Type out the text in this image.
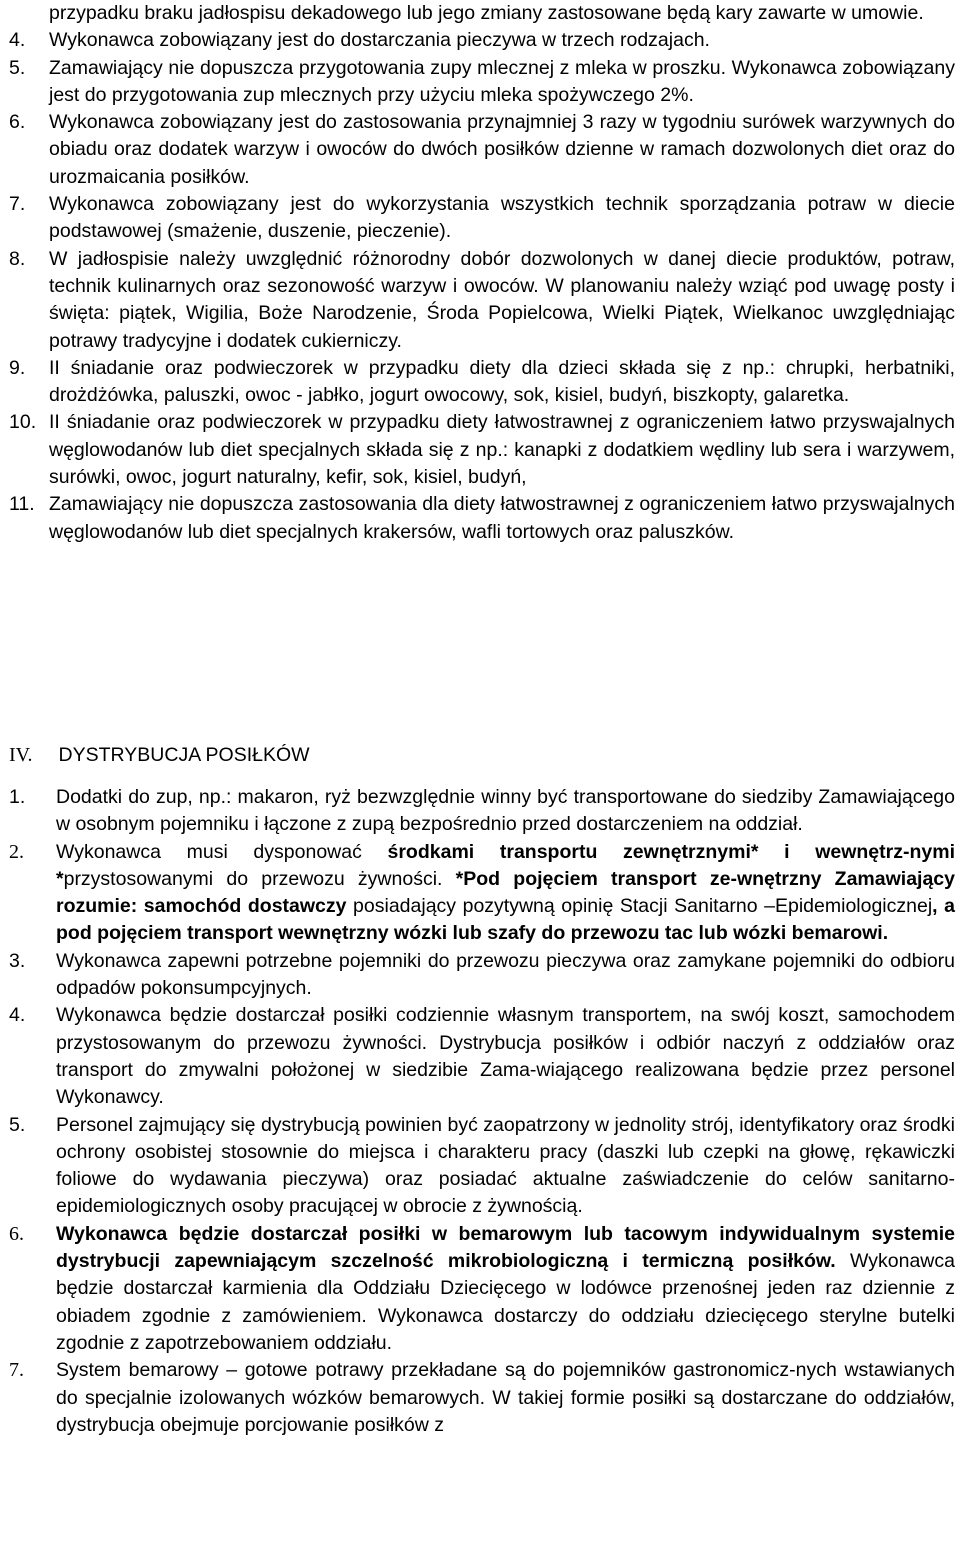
przypadku braku jadłospisu dekadowego lub jego zmiany zastosowane będą kary zawarte w umowie.
4. Wykonawca zobowiązany jest do dostarczania pieczywa w trzech rodzajach.
5. Zamawiający nie dopuszcza przygotowania zupy mlecznej z mleka w proszku. Wykonawca zobowiązany jest do przygotowania zup mlecznych przy użyciu mleka spożywczego 2%.
6. Wykonawca zobowiązany jest do zastosowania przynajmniej 3 razy w tygodniu surówek warzywnych do obiadu oraz dodatek warzyw i owoców do dwóch posiłków dzienne w ramach dozwolonych diet oraz do urozmaicania posiłków.
7. Wykonawca zobowiązany jest do wykorzystania wszystkich technik sporządzania potraw w diecie podstawowej (smażenie, duszenie, pieczenie).
8. W jadłospisie należy uwzględnić różnorodny dobór dozwolonych w danej diecie produktów, potraw, technik kulinarnych oraz sezonowość warzyw i owoców. W planowaniu należy wziąć pod uwagę posty i święta: piątek, Wigilia, Boże Narodzenie, Środa Popielcowa, Wielki Piątek, Wielkanoc uwzględniając potrawy tradycyjne i dodatek cukierniczy.
9. II śniadanie oraz podwieczorek w przypadku diety dla dzieci składa się z np.: chrupki, herbatniki, drożdżówka, paluszki, owoc - jabłko, jogurt owocowy, sok, kisiel, budyń, biszkopty, galaretka.
10. II śniadanie oraz podwieczorek w przypadku diety łatwostrawnej z ograniczeniem łatwo przyswajalnych węglowodanów lub diet specjalnych składa się z np.: kanapki z dodatkiem wędliny lub sera i warzywem, surówki, owoc, jogurt naturalny, kefir, sok, kisiel, budyń,
11. Zamawiający nie dopuszcza zastosowania dla diety łatwostrawnej z ograniczeniem łatwo przyswajalnych węglowodanów lub diet specjalnych krakersów, wafli tortowych oraz paluszków.
IV. DYSTRYBUCJA POSIŁKÓW
1. Dodatki do zup, np.: makaron, ryż bezwzględnie winny być transportowane do siedziby Zamawiającego w osobnym pojemniku i łączone z zupą bezpośrednio przed dostarczeniem na oddział.
2. Wykonawca musi dysponować środkami transportu zewnętrznymi* i wewnętrz-nymi *przystosowanymi do przewozu żywności. *Pod pojęciem transport ze-wnętrzny Zamawiający rozumie: samochód dostawczy posiadający pozytywną opinię Stacji Sanitarno –Epidemiologicznej, a pod pojęciem transport wewnętrzny wózki lub szafy do przewozu tac lub wózki bemarowi.
3. Wykonawca zapewni potrzebne pojemniki do przewozu pieczywa oraz zamykane pojemniki do odbioru odpadów pokonsumpcyjnych.
4. Wykonawca będzie dostarczał posiłki codziennie własnym transportem, na swój koszt, samochodem przystosowanym do przewozu żywności. Dystrybucja posiłków i odbiór naczyń z oddziałów oraz transport do zmywalni położonej w siedzibie Zama-wiającego realizowana będzie przez personel Wykonawcy.
5. Personel zajmujący się dystrybucją powinien być zaopatrzony w jednolity strój, identyfikatory oraz środki ochrony osobistej stosownie do miejsca i charakteru pracy (daszki lub czepki na głowę, rękawiczki foliowe do wydawania pieczywa) oraz posiadać aktualne zaświadczenie do celów sanitarno- epidemiologicznych osoby pracującej w obrocie z żywnością.
6. Wykonawca będzie dostarczał posiłki w bemarowym lub tacowym indywidualnym systemie dystrybucji zapewniającym szczelność mikrobiologiczną i termiczną posiłków. Wykonawca będzie dostarczał karmienia dla Oddziału Dziecięcego w lodówce przenośnej jeden raz dziennie z obiadem zgodnie z zamówieniem. Wykonawca dostarczy do oddziału dziecięcego sterylne butelki zgodnie z zapotrzebowaniem oddziału.
7. System bemarowy – gotowe potrawy przekładane są do pojemników gastronomicz-nych wstawianych do specjalnie izolowanych wózków bemarowych. W takiej formie posiłki są dostarczane do oddziałów, dystrybucja obejmuje porcjowanie posiłków z
